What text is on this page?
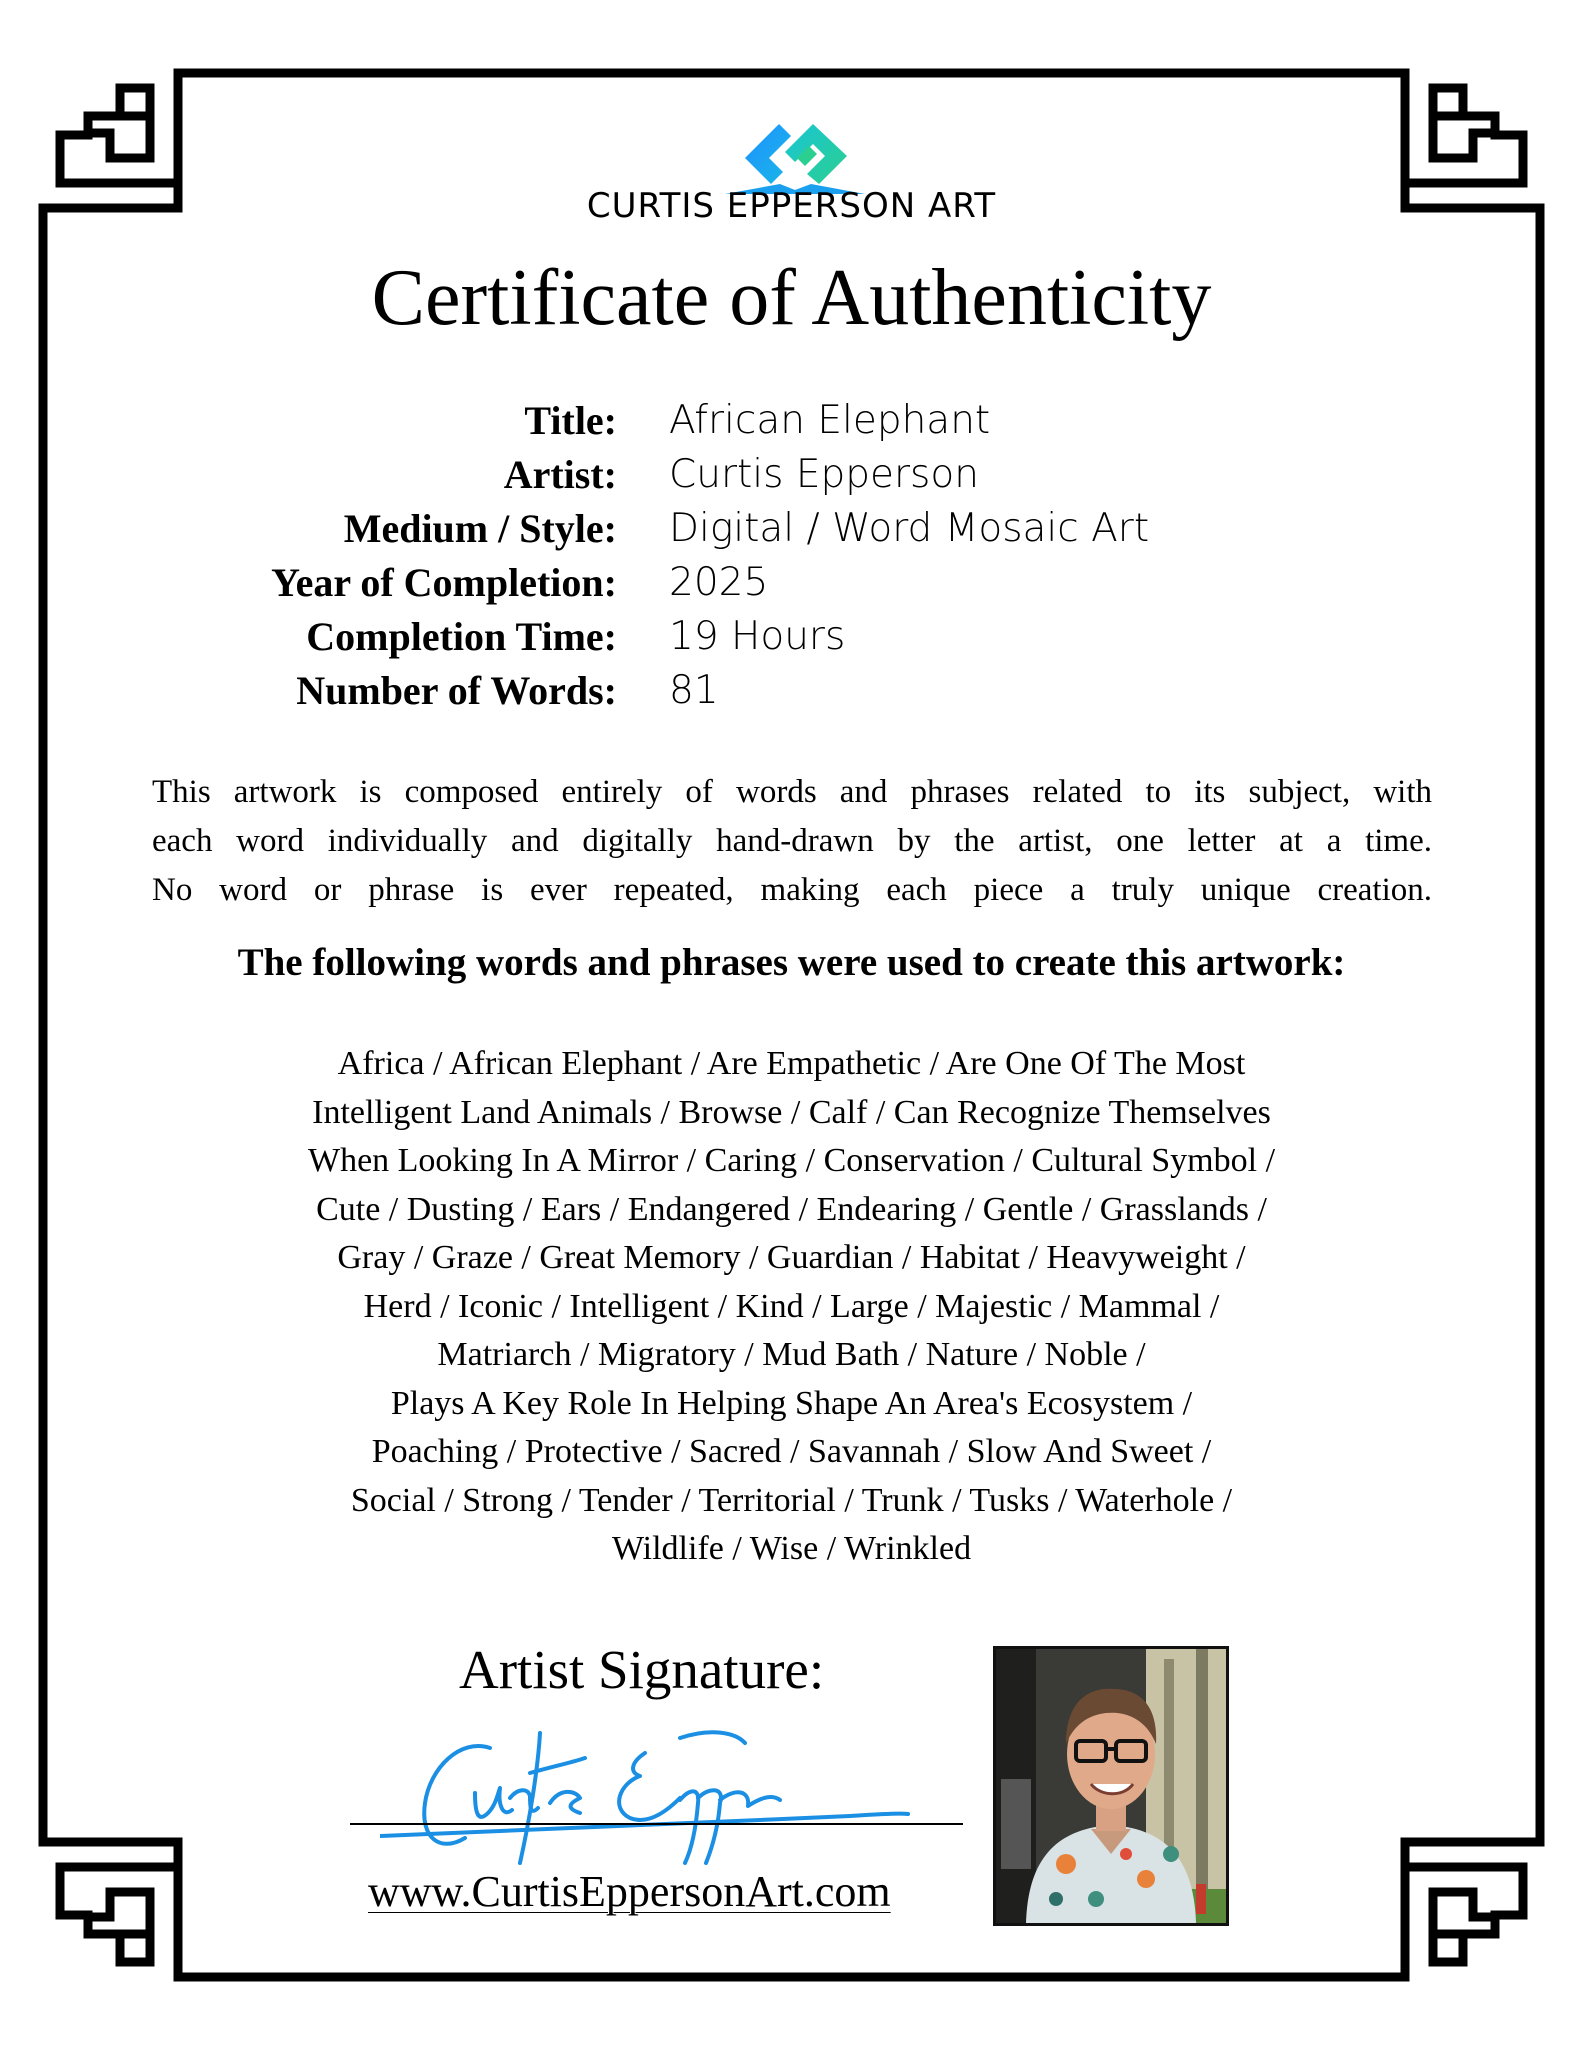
CURTIS EPPERSON ART
Certificate of Authenticity
Title: African Elephant
Artist: Curtis Epperson
Medium / Style: Digital / Word Mosaic Art
Year of Completion: 2025
Completion Time: 19 Hours
Number of Words: 81
This artwork is composed entirely of words and phrases related to its subject, with
each word individually and digitally hand-drawn by the artist, one letter at a time.
No word or phrase is ever repeated, making each piece a truly unique creation.
The following words and phrases were used to create this artwork:
Africa / African Elephant / Are Empathetic / Are One Of The Most
Intelligent Land Animals / Browse / Calf / Can Recognize Themselves
When Looking In A Mirror / Caring / Conservation / Cultural Symbol /
Cute / Dusting / Ears / Endangered / Endearing / Gentle / Grasslands /
Gray / Graze / Great Memory / Guardian / Habitat / Heavyweight /
Herd / Iconic / Intelligent / Kind / Large / Majestic / Mammal /
Matriarch / Migratory / Mud Bath / Nature / Noble /
Plays A Key Role In Helping Shape An Area's Ecosystem /
Poaching / Protective / Sacred / Savannah / Slow And Sweet /
Social / Strong / Tender / Territorial / Trunk / Tusks / Waterhole /
Wildlife / Wise / Wrinkled
Artist Signature:
www.CurtisEppersonArt.com
